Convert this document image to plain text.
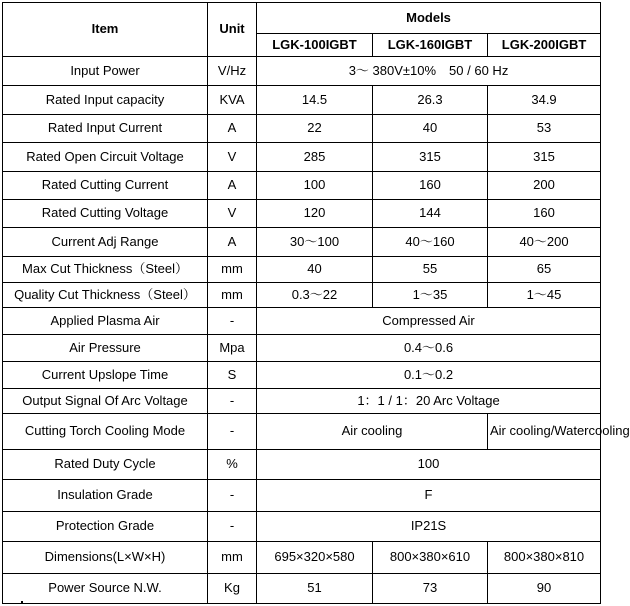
Item	Unit	Models		
		LGK-100IGBT	LGK-160IGBT	LGK-200IGBT
Input Power	V/Hz	3～ 380V±10%　50 / 60 Hz		
Rated Input capacity	KVA	14.5	26.3	34.9
Rated Input Current	A	22	40	53
Rated Open Circuit Voltage	V	285	315	315
Rated Cutting Current	A	100	160	200
Rated Cutting Voltage	V	120	144	160
Current Adj Range	A	30～100	40～160	40～200
Max Cut Thickness（Steel）	mm	40	55	65
Quality Cut Thickness（Steel）	mm	0.3～22	1～35	1～45
Applied Plasma Air	-	Compressed Air		
Air Pressure	Mpa	0.4～0.6		
Current Upslope Time	S	0.1～0.2		
Output Signal Of Arc Voltage	-	1：1 / 1：20 Arc Voltage		
Cutting Torch Cooling Mode	-	Air cooling		Air cooling/Watercooling
Rated Duty Cycle	%	100		
Insulation Grade	-	F		
Protection Grade	-	IP21S		
Dimensions(L×W×H)	mm	695×320×580	800×380×610	800×380×810
Power Source N.W.	Kg	51	73	90
